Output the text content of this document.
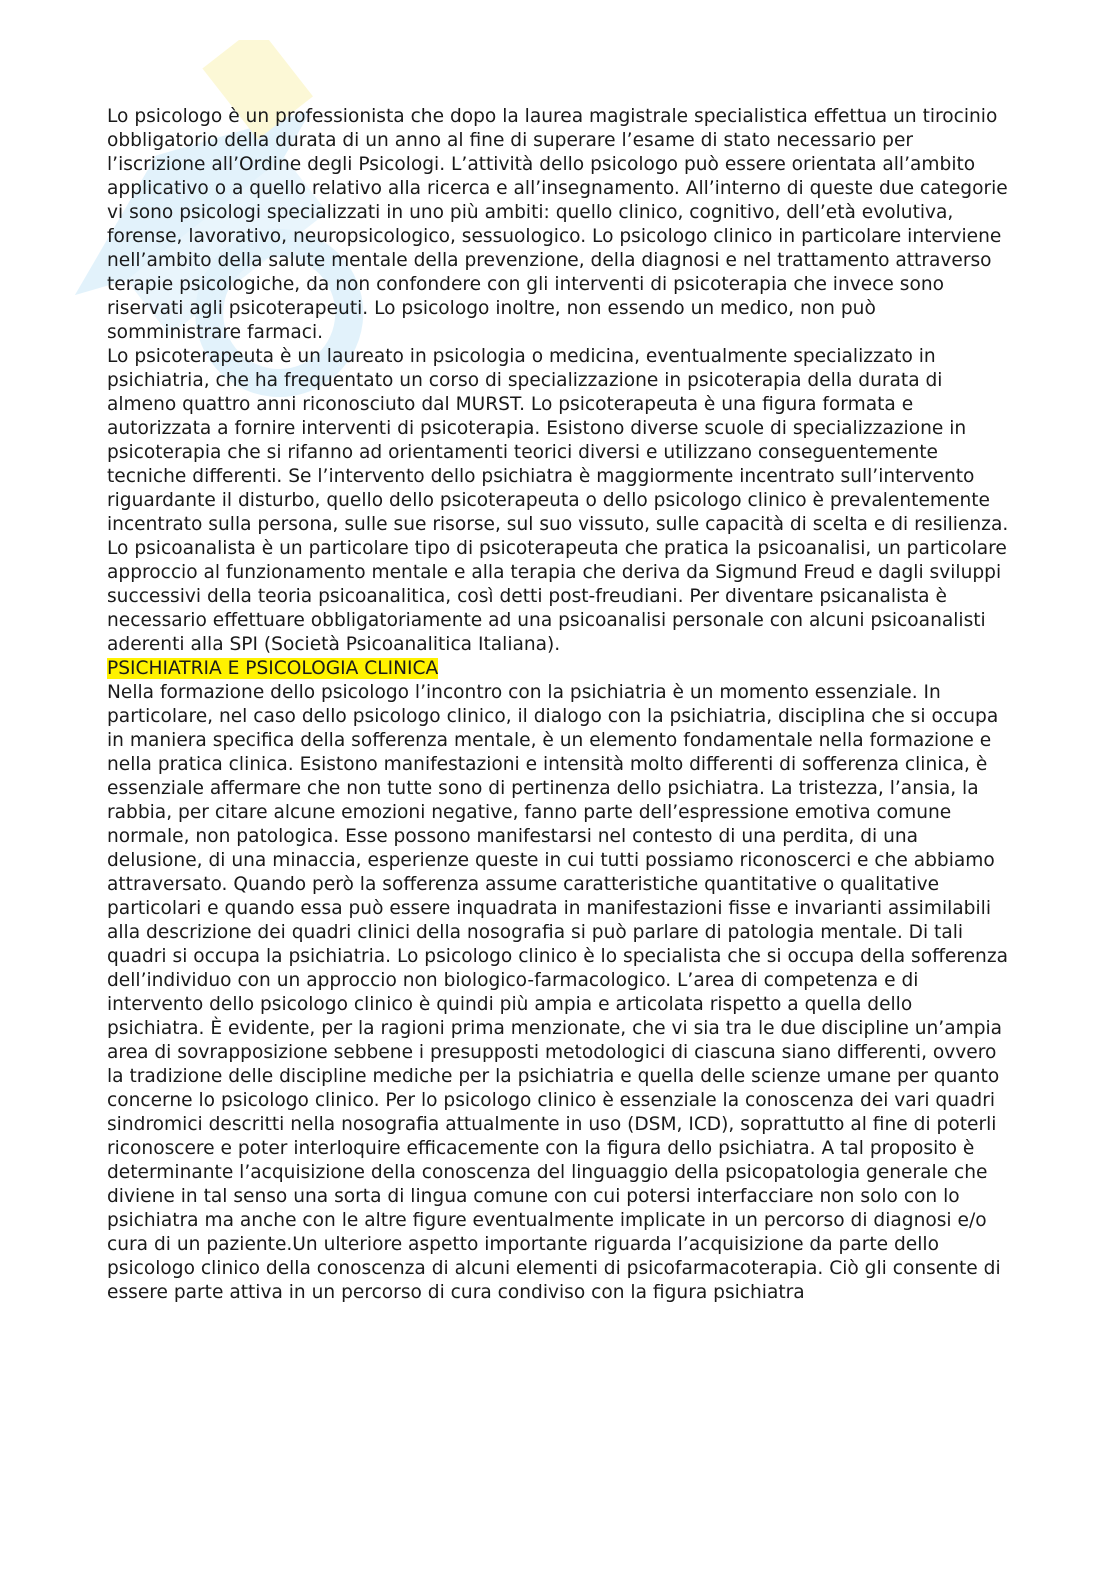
Lo psicologo è un professionista che dopo la laurea magistrale specialistica effettua un tirocinio obbligatorio della durata di un anno al fine di superare l’esame di stato necessario per l’iscrizione all’Ordine degli Psicologi. L’attività dello psicologo può essere orientata all’ambito applicativo o a quello relativo alla ricerca e all’insegnamento. All’interno di queste due categorie vi sono psicologi specializzati in uno più ambiti: quello clinico, cognitivo, dell’età evolutiva, forense, lavorativo, neuropsicologico, sessuologico. Lo psicologo clinico in particolare interviene nell’ambito della salute mentale della prevenzione, della diagnosi e nel trattamento attraverso terapie psicologiche, da non confondere con gli interventi di psicoterapia che invece sono riservati agli psicoterapeuti. Lo psicologo inoltre, non essendo un medico, non può somministrare farmaci.

Lo psicoterapeuta è un laureato in psicologia o medicina, eventualmente specializzato in psichiatria, che ha frequentato un corso di specializzazione in psicoterapia della durata di almeno quattro anni riconosciuto dal MURST. Lo psicoterapeuta è una figura formata e autorizzata a fornire interventi di psicoterapia. Esistono diverse scuole di specializzazione in psicoterapia che si rifanno ad orientamenti teorici diversi e utilizzano conseguentemente tecniche differenti. Se l’intervento dello psichiatra è maggiormente incentrato sull’intervento riguardante il disturbo, quello dello psicoterapeuta o dello psicologo clinico è prevalentemente incentrato sulla persona, sulle sue risorse, sul suo vissuto, sulle capacità di scelta e di resilienza.

Lo psicoanalista è un particolare tipo di psicoterapeuta che pratica la psicoanalisi, un particolare approccio al funzionamento mentale e alla terapia che deriva da Sigmund Freud e dagli sviluppi successivi della teoria psicoanalitica, così detti post-freudiani. Per diventare psicanalista è necessario effettuare obbligatoriamente ad una psicoanalisi personale con alcuni psicoanalisti aderenti alla SPI (Società Psicoanalitica Italiana).

PSICHIATRIA E PSICOLOGIA CLINICA

Nella formazione dello psicologo l’incontro con la psichiatria è un momento essenziale. In particolare, nel caso dello psicologo clinico, il dialogo con la psichiatria, disciplina che si occupa in maniera specifica della sofferenza mentale, è un elemento fondamentale nella formazione e nella pratica clinica. Esistono manifestazioni e intensità molto differenti di sofferenza clinica, è essenziale affermare che non tutte sono di pertinenza dello psichiatra. La tristezza, l’ansia, la rabbia, per citare alcune emozioni negative, fanno parte dell’espressione emotiva comune normale, non patologica. Esse possono manifestarsi nel contesto di una perdita, di una delusione, di una minaccia, esperienze queste in cui tutti possiamo riconoscerci e che abbiamo attraversato. Quando però la sofferenza assume caratteristiche quantitative o qualitative particolari e quando essa può essere inquadrata in manifestazioni fisse e invarianti assimilabili alla descrizione dei quadri clinici della nosografia si può parlare di patologia mentale. Di tali quadri si occupa la psichiatria. Lo psicologo clinico è lo specialista che si occupa della sofferenza dell’individuo con un approccio non biologico-farmacologico. L’area di competenza e di intervento dello psicologo clinico è quindi più ampia e articolata rispetto a quella dello psichiatra. È evidente, per la ragioni prima menzionate, che vi sia tra le due discipline un’ampia area di sovrapposizione sebbene i presupposti metodologici di ciascuna siano differenti, ovvero la tradizione delle discipline mediche per la psichiatria e quella delle scienze umane per quanto concerne lo psicologo clinico. Per lo psicologo clinico è essenziale la conoscenza dei vari quadri sindromici descritti nella nosografia attualmente in uso (DSM, ICD), soprattutto al fine di poterli riconoscere e poter interloquire efficacemente con la figura dello psichiatra. A tal proposito è determinante l’acquisizione della conoscenza del linguaggio della psicopatologia generale che diviene in tal senso una sorta di lingua comune con cui potersi interfacciare non solo con lo psichiatra ma anche con le altre figure eventualmente implicate in un percorso di diagnosi e/o cura di un paziente.Un ulteriore aspetto importante riguarda l’acquisizione da parte dello psicologo clinico della conoscenza di alcuni elementi di psicofarmacoterapia. Ciò gli consente di essere parte attiva in un percorso di cura condiviso con la figura psichiatra
